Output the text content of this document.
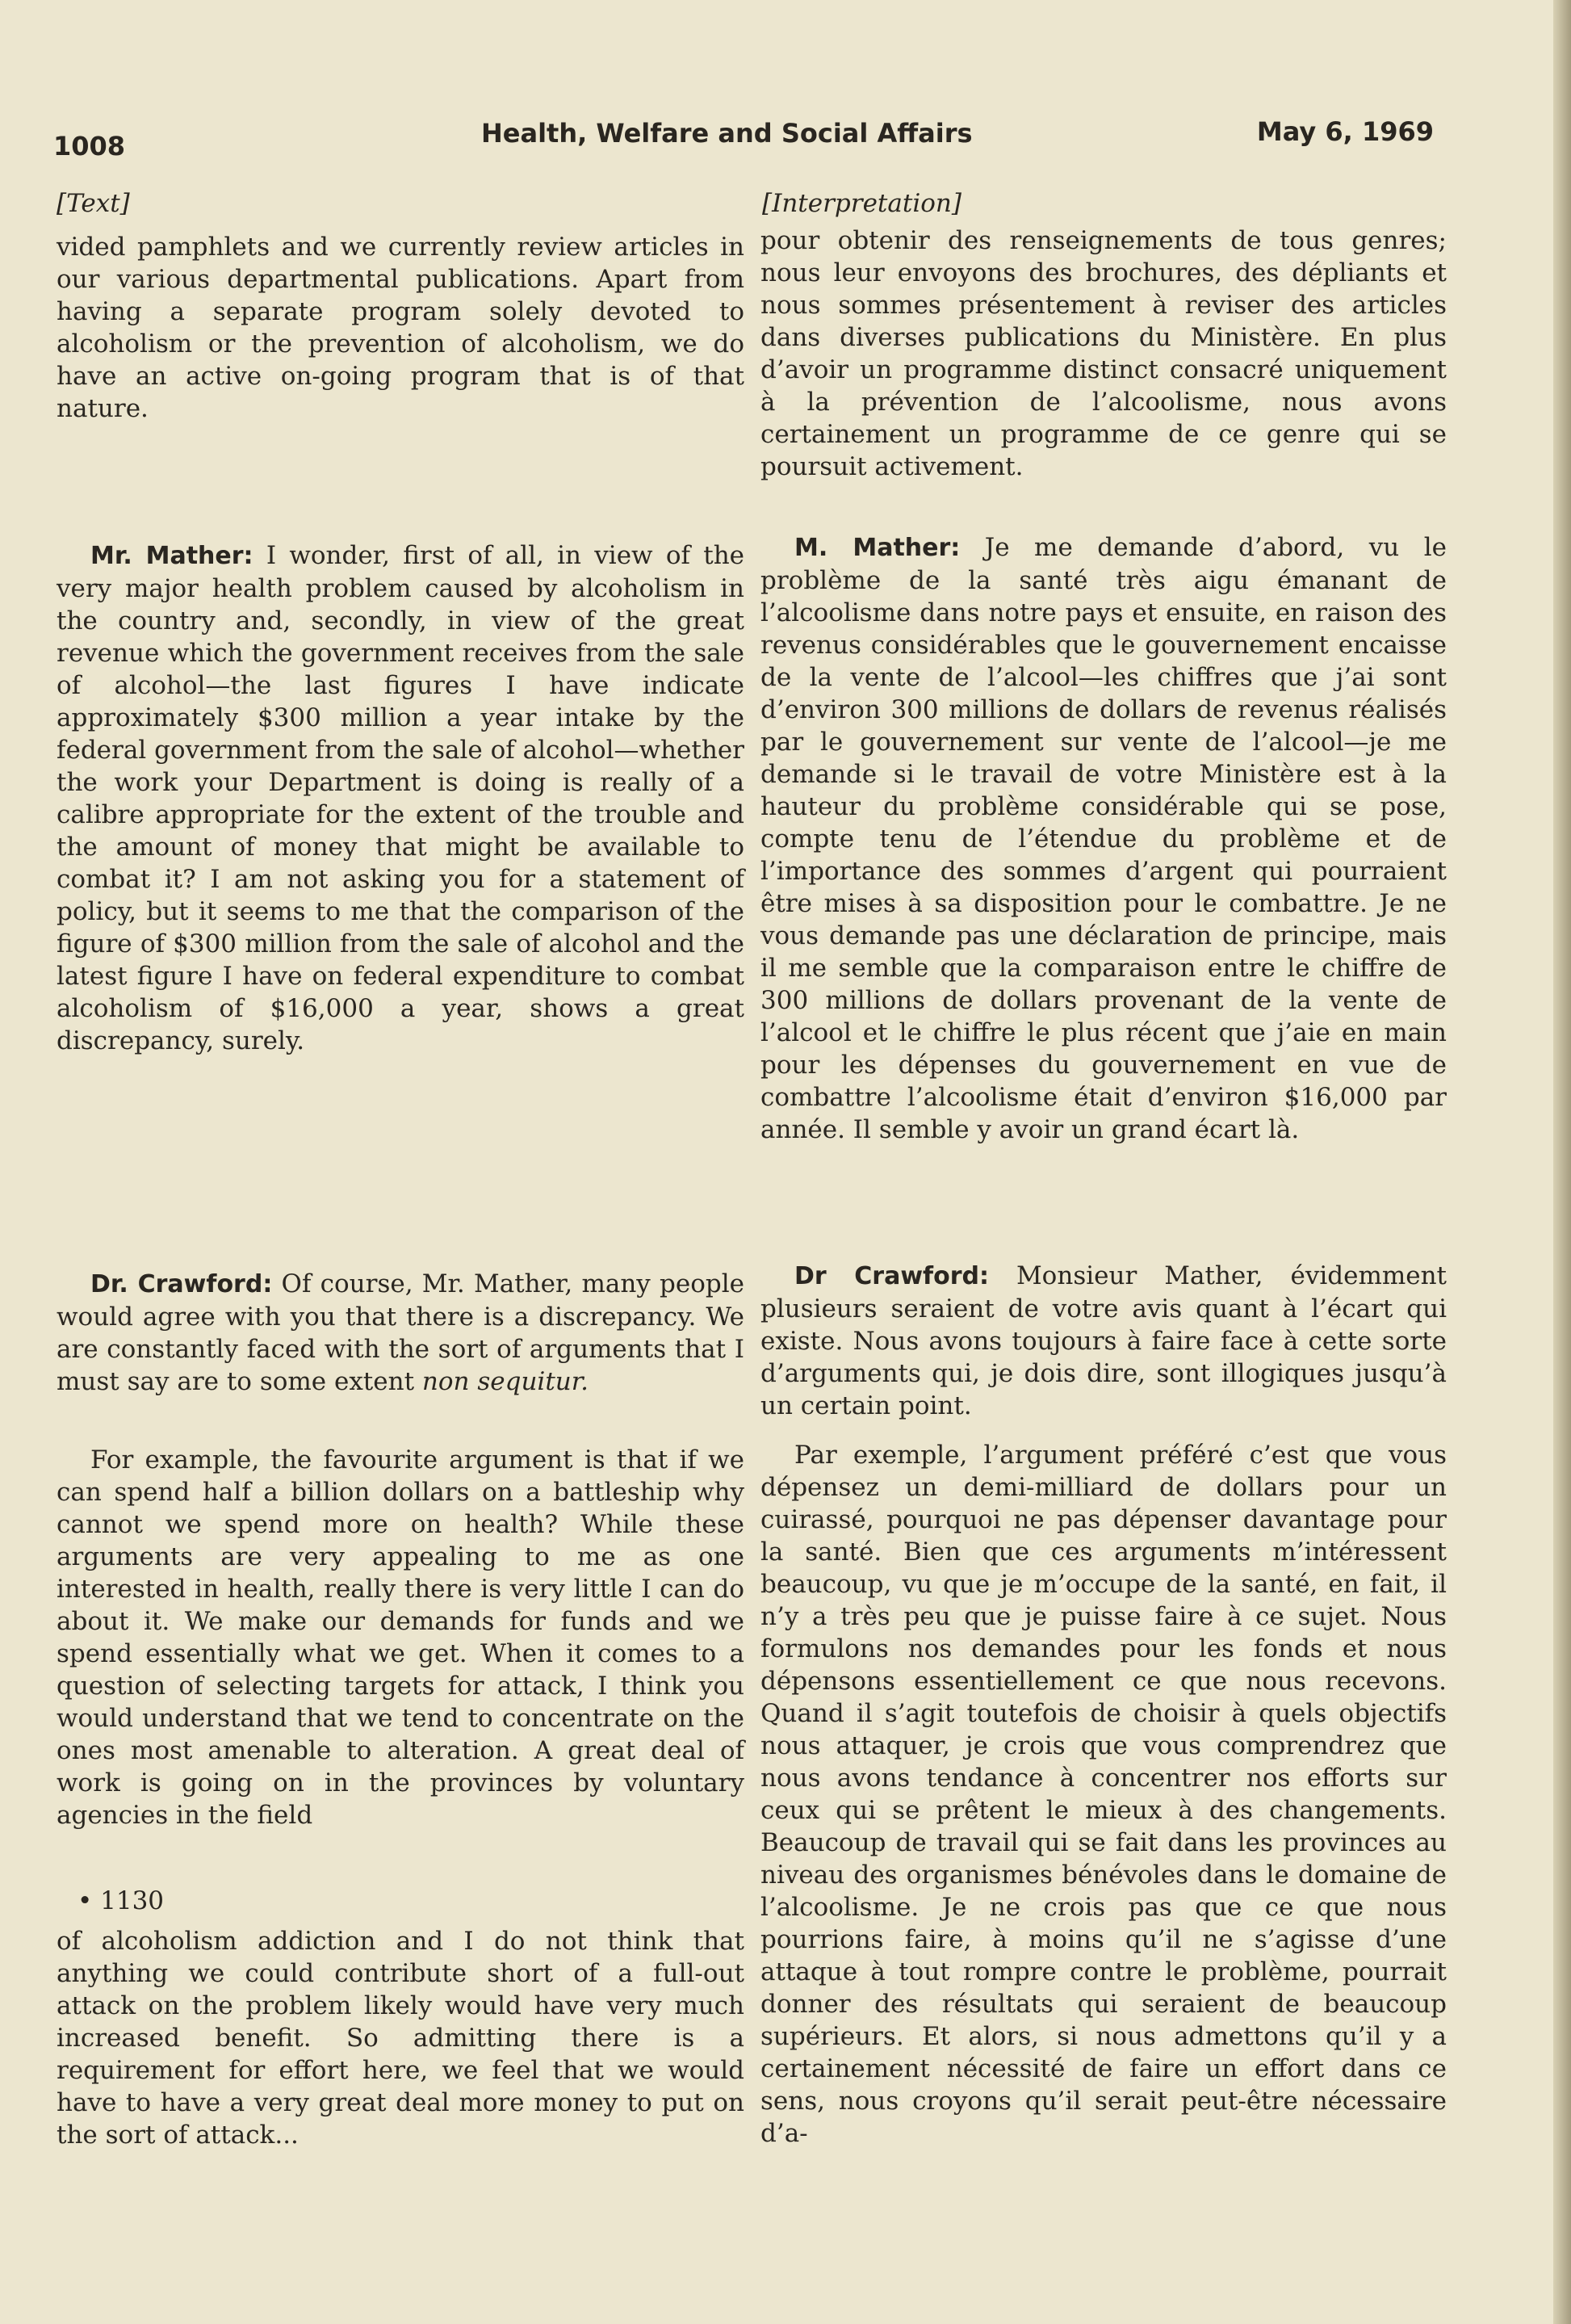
1008	Health, Welfare and Social Affairs	May 6, 1969
[Text]

vided pamphlets and we currently review articles in our various departmental publications. Apart from having a separate program solely devoted to alcoholism or the prevention of alcoholism, we do have an active on-going program that is of that nature.

Mr. Mather: I wonder, first of all, in view of the very major health problem caused by alcoholism in the country and, secondly, in view of the great revenue which the government receives from the sale of alcohol—the last figures I have indicate approximately $300 million a year intake by the federal government from the sale of alcohol—whether the work your Department is doing is really of a calibre appropriate for the extent of the trouble and the amount of money that might be available to combat it? I am not asking you for a statement of policy, but it seems to me that the comparison of the figure of $300 million from the sale of alcohol and the latest figure I have on federal expenditure to combat alcoholism of $16,000 a year, shows a great discrepancy, surely.

Dr. Crawford: Of course, Mr. Mather, many people would agree with you that there is a discrepancy. We are constantly faced with the sort of arguments that I must say are to some extent non sequitur.

For example, the favourite argument is that if we can spend half a billion dollars on a battleship why cannot we spend more on health? While these arguments are very appealing to me as one interested in health, really there is very little I can do about it. We make our demands for funds and we spend essentially what we get. When it comes to a question of selecting targets for attack, I think you would understand that we tend to concentrate on the ones most amenable to alteration. A great deal of work is going on in the provinces by voluntary agencies in the field

• 1130

of alcoholism addiction and I do not think that anything we could contribute short of a full-out attack on the problem likely would have very much increased benefit. So admitting there is a requirement for effort here, we feel that we would have to have a very great deal more money to put on the sort of attack...

[Interpretation]

pour obtenir des renseignements de tous genres; nous leur envoyons des brochures, des dépliants et nous sommes présentement à reviser des articles dans diverses publications du Ministère. En plus d’avoir un programme distinct consacré uniquement à la prévention de l’alcoolisme, nous avons certainement un programme de ce genre qui se poursuit activement.

M. Mather: Je me demande d’abord, vu le problème de la santé très aigu émanant de l’alcoolisme dans notre pays et ensuite, en raison des revenus considérables que le gouvernement encaisse de la vente de l’alcool—les chiffres que j’ai sont d’environ 300 millions de dollars de revenus réalisés par le gouvernement sur vente de l’alcool—je me demande si le travail de votre Ministère est à la hauteur du problème considérable qui se pose, compte tenu de l’étendue du problème et de l’importance des sommes d’argent qui pourraient être mises à sa disposition pour le combattre. Je ne vous demande pas une déclaration de principe, mais il me semble que la comparaison entre le chiffre de 300 millions de dollars provenant de la vente de l’alcool et le chiffre le plus récent que j’aie en main pour les dépenses du gouvernement en vue de combattre l’alcoolisme était d’environ $16,000 par année. Il semble y avoir un grand écart là.

Dr Crawford: Monsieur Mather, évidemment plusieurs seraient de votre avis quant à l’écart qui existe. Nous avons toujours à faire face à cette sorte d’arguments qui, je dois dire, sont illogiques jusqu’à un certain point.

Par exemple, l’argument préféré c’est que vous dépensez un demi-milliard de dollars pour un cuirassé, pourquoi ne pas dépenser davantage pour la santé. Bien que ces arguments m’intéressent beaucoup, vu que je m’occupe de la santé, en fait, il n’y a très peu que je puisse faire à ce sujet. Nous formulons nos demandes pour les fonds et nous dépensons essentiellement ce que nous recevons. Quand il s’agit toutefois de choisir à quels objectifs nous attaquer, je crois que vous comprendrez que nous avons tendance à concentrer nos efforts sur ceux qui se prêtent le mieux à des changements. Beaucoup de travail qui se fait dans les provinces au niveau des organismes bénévoles dans le domaine de l’alcoolisme. Je ne crois pas que ce que nous pourrions faire, à moins qu’il ne s’agisse d’une attaque à tout rompre contre le problème, pourrait donner des résultats qui seraient de beaucoup supérieurs. Et alors, si nous admettons qu’il y a certainement nécessité de faire un effort dans ce sens, nous croyons qu’il serait peut-être nécessaire d’a-
